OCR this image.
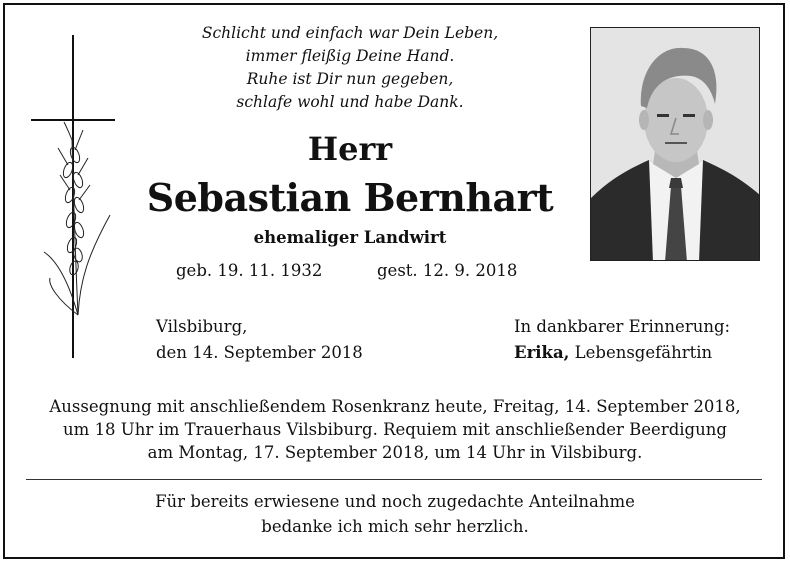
Schlicht und einfach war Dein Leben,
immer fleißig Deine Hand.
Ruhe ist Dir nun gegeben,
schlafe wohl und habe Dank.
Herr
Sebastian Bernhart
ehemaliger Landwirt
geb. 19. 11. 1932	gest. 12. 9. 2018
Vilsbiburg,
den 14. September 2018
In dankbarer Erinnerung:
Erika, Lebensgefährtin
Aussegnung mit anschließendem Rosenkranz heute, Freitag, 14. September 2018,
um 18 Uhr im Trauerhaus Vilsbiburg. Requiem mit anschließender Beerdigung
am Montag, 17. September 2018, um 14 Uhr in Vilsbiburg.
Für bereits erwiesene und noch zugedachte Anteilnahme
bedanke ich mich sehr herzlich.
